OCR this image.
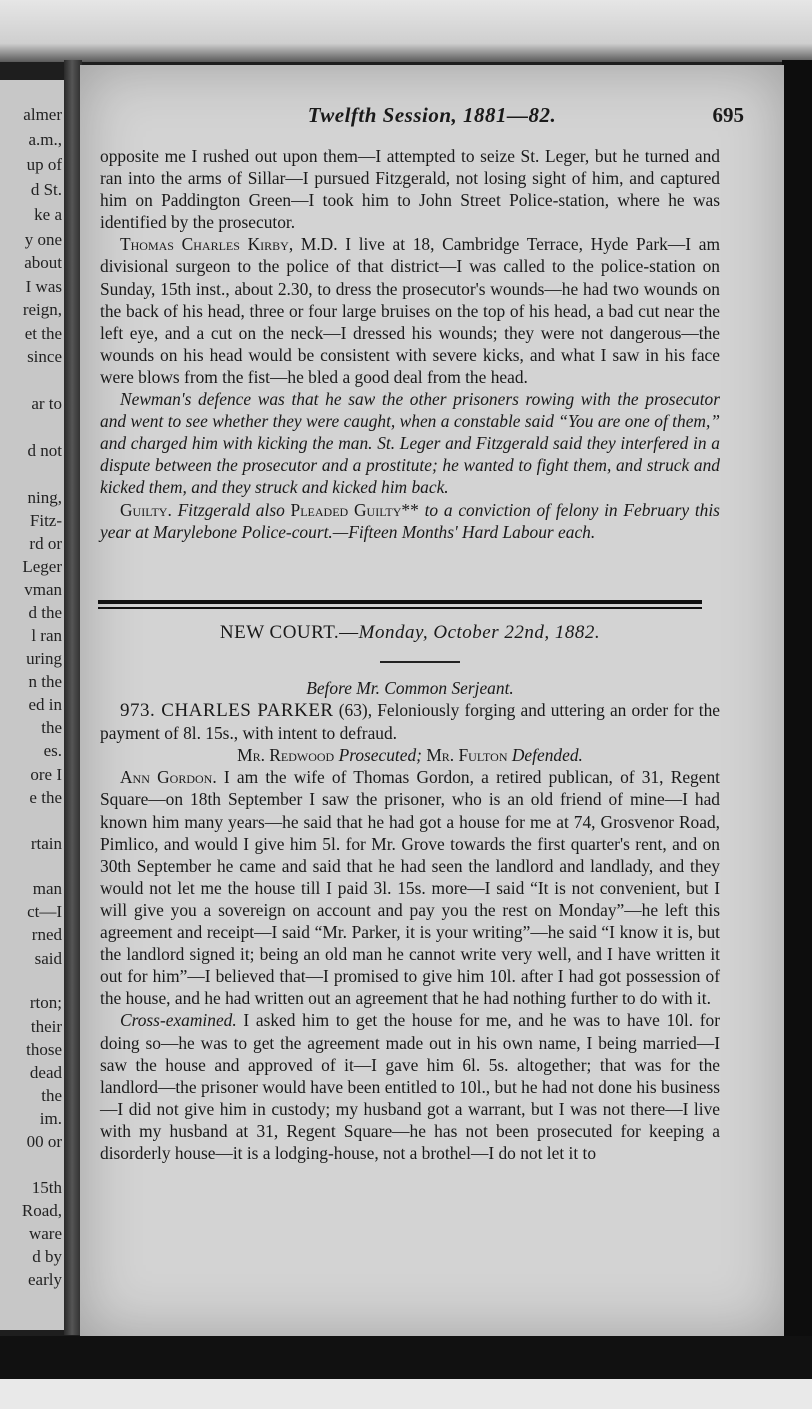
almer
a.m.,
up of
d St.
ke a
y one
about
I was
reign,
et the
since
ar to
d not
ning,
Fitz-
rd or
Leger
vman
d the
l ran
uring
n the
ed in
the
es.
ore I
e the
rtain
man
ct—I
rned
said
rton;
their
those
dead
the
im.
00 or
15th
Road,
ware
d by
early
Twelfth Session, 1881—82.	695

opposite me I rushed out upon them—I attempted to seize St. Leger, but he turned and ran into the arms of Sillar—I pursued Fitzgerald, not losing sight of him, and captured him on Paddington Green—I took him to John Street Police-station, where he was identified by the prosecutor.

Thomas Charles Kirby, M.D. I live at 18, Cambridge Terrace, Hyde Park—I am divisional surgeon to the police of that district—I was called to the police-station on Sunday, 15th inst., about 2.30, to dress the prosecutor's wounds—he had two wounds on the back of his head, three or four large bruises on the top of his head, a bad cut near the left eye, and a cut on the neck—I dressed his wounds; they were not dangerous—the wounds on his head would be consistent with severe kicks, and what I saw in his face were blows from the fist—he bled a good deal from the head.

Newman's defence was that he saw the other prisoners rowing with the prosecutor and went to see whether they were caught, when a constable said “You are one of them,” and charged him with kicking the man. St. Leger and Fitzgerald said they interfered in a dispute between the prosecutor and a prostitute; he wanted to fight them, and struck and kicked them, and they struck and kicked him back.

Guilty. Fitzgerald also Pleaded Guilty** to a conviction of felony in February this year at Marylebone Police-court.—Fifteen Months' Hard Labour each.

NEW COURT.—Monday, October 22nd, 1882.

Before Mr. Common Serjeant.

973. CHARLES PARKER (63), Feloniously forging and uttering an order for the payment of 8l. 15s., with intent to defraud.

Mr. Redwood Prosecuted; Mr. Fulton Defended.

Ann Gordon. I am the wife of Thomas Gordon, a retired publican, of 31, Regent Square—on 18th September I saw the prisoner, who is an old friend of mine—I had known him many years—he said that he had got a house for me at 74, Grosvenor Road, Pimlico, and would I give him 5l. for Mr. Grove towards the first quarter's rent, and on 30th September he came and said that he had seen the landlord and landlady, and they would not let me the house till I paid 3l. 15s. more—I said “It is not convenient, but I will give you a sovereign on account and pay you the rest on Monday”—he left this agreement and receipt—I said “Mr. Parker, it is your writing”—he said “I know it is, but the landlord signed it; being an old man he cannot write very well, and I have written it out for him”—I believed that—I promised to give him 10l. after I had got possession of the house, and he had written out an agreement that he had nothing further to do with it.

Cross-examined. I asked him to get the house for me, and he was to have 10l. for doing so—he was to get the agreement made out in his own name, I being married—I saw the house and approved of it—I gave him 6l. 5s. altogether; that was for the landlord—the prisoner would have been entitled to 10l., but he had not done his business—I did not give him in custody; my husband got a warrant, but I was not there—I live with my husband at 31, Regent Square—he has not been prosecuted for keeping a disorderly house—it is a lodging-house, not a brothel—I do not let it to
